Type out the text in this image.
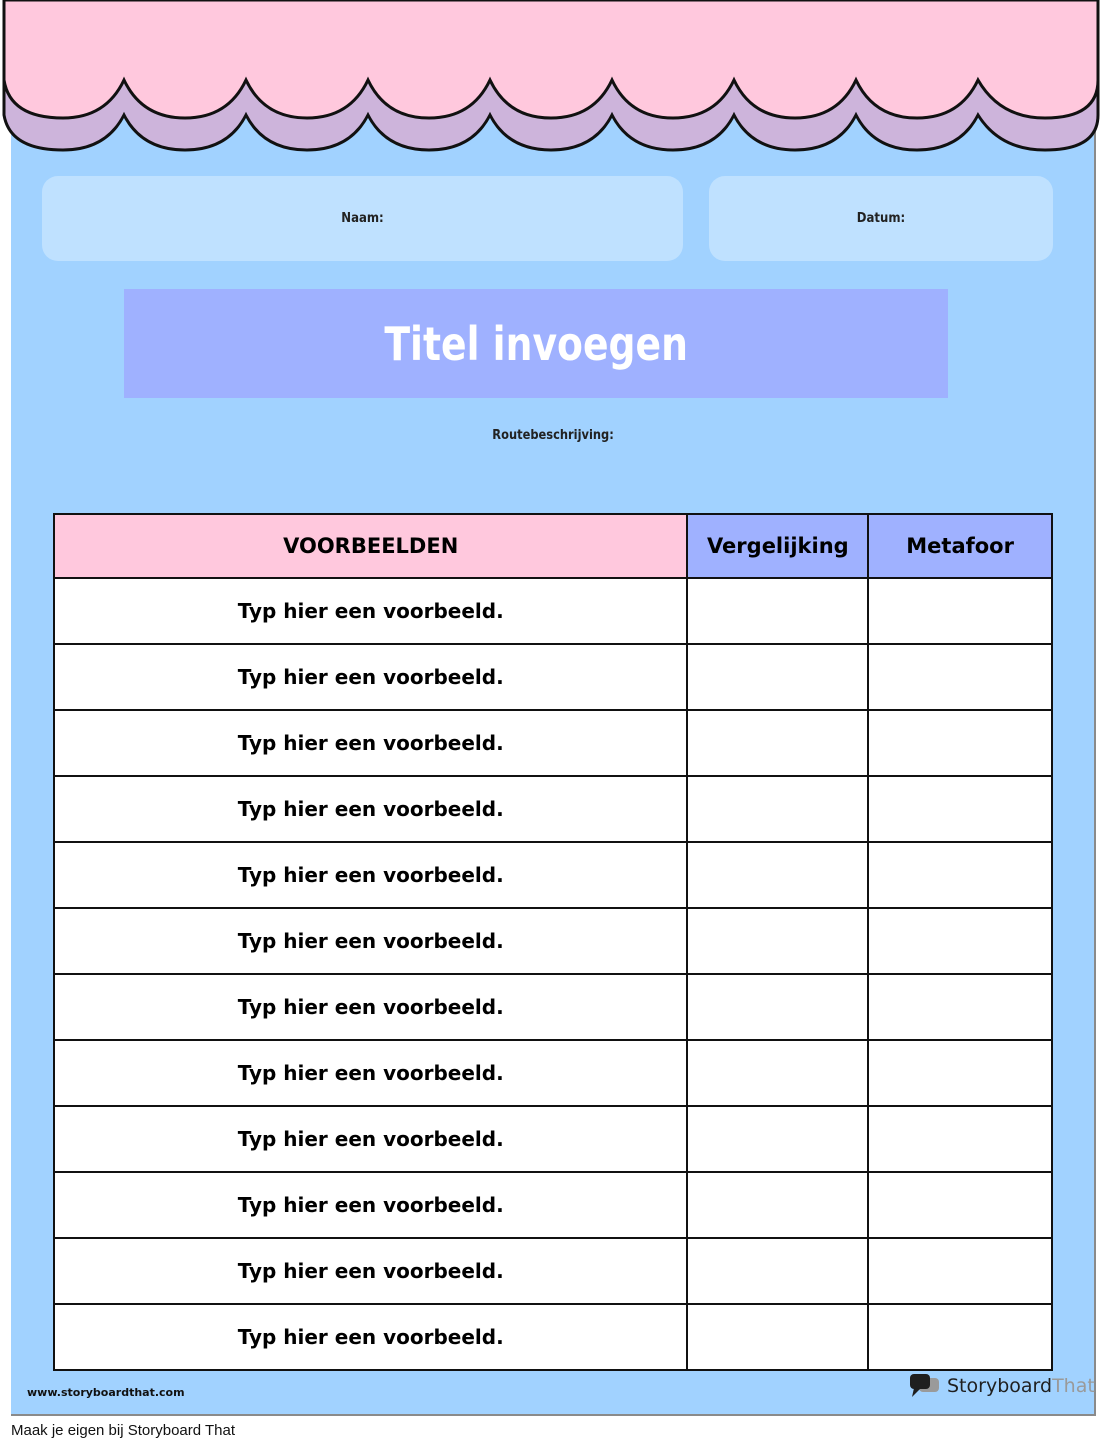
Naam:	Datum:
Titel invoegen
Routebeschrijving:
VOORBEELDEN	Vergelijking	Metafoor
Typ hier een voorbeeld.		
Typ hier een voorbeeld.		
Typ hier een voorbeeld.		
Typ hier een voorbeeld.		
Typ hier een voorbeeld.		
Typ hier een voorbeeld.		
Typ hier een voorbeeld.		
Typ hier een voorbeeld.		
Typ hier een voorbeeld.		
Typ hier een voorbeeld.		
Typ hier een voorbeeld.		
Typ hier een voorbeeld.		
www.storyboardthat.com	StoryboardThat
Maak je eigen bij Storyboard That
